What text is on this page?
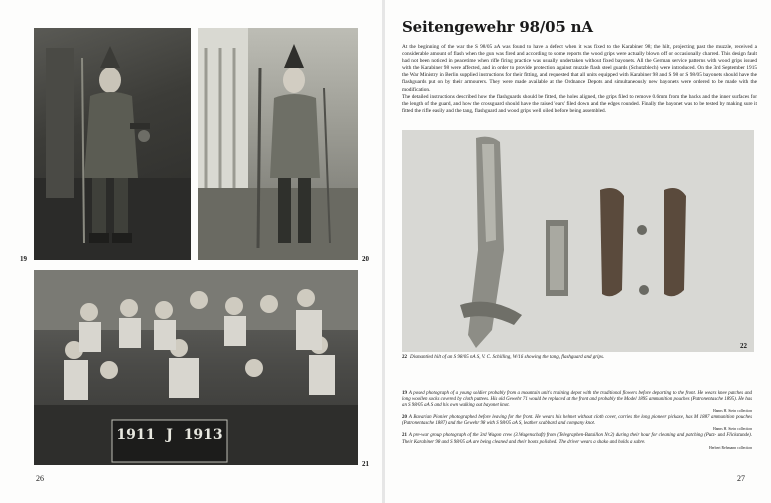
1911 J 1913
19	20
21
26
Seitengewehr 98/05 nA

At the beginning of the war the S 98/05 aA was found to have a defect when it was fixed to the Karabiner 98; the hilt, projecting past the muzzle, received a considerable amount of flash when the gun was fired and according to some reports the wood grips were actually blown off or occasionally charred. This design fault had not been noticed in peacetime when rifle firing practice was usually undertaken without fixed bayonets. All the German service patterns with wood grips issued with the Karabiner 98 were affected, and in order to provide protection against muzzle flash steel guards (Schutzblech) were introduced. On the 3rd September 1915 the War Ministry in Berlin supplied instructions for their fitting, and requested that all units equipped with Karabiner 98 and S 98 or S 98/05 bayonets should have the flashguards put on by their armourers. They were made available at the Ordnance Depots and simultaneously new bayonets were ordered to be made with the modification.

The detailed instructions described how the flashguards should be fitted, the holes aligned, the grips filed to remove 0.6mm from the backs and the inner surfaces for the length of the guard, and how the crossguard should have the raised 'ears' filed down and the edges rounded. Finally the bayonet was to be tested by making sure it fitted the rifle easily and the tang, flashguard and wood grips well oiled before being assembled.

22
22 Dismantled hilt of an S 98/05 nA S, V. C. Schilling, W/16 showing the tang, flashguard and grips.
19 A posed photograph of a young soldier probably from a mountain unit's training depot with the traditional flowers before departing to the front. He wears knee patches and long woollen socks covered by cloth puttees. His old Gewehr 71 would be replaced at the front and probably the Model 1895 ammunition pouches (Patronentasche 1895). He has an S 98/05 aA S and his own walking out bayonet knot.
Hanns H. Stein collection
20 A Bavarian Pionier photographed before leaving for the front. He wears his helmet without cloth cover, carries the long pioneer pickaxe, has M 1887 ammunition pouches (Patronentasche 1887) and the Gewehr 98 with S 98/05 aA S, leather scabbard and company knot.
Hanns H. Stein collection
21 A pre-war group photograph of the 3rd Wagon crew (3.Wagenschaft) from (Telegraphen-Bataillon Nr.2) during their hour for cleaning and patching (Putz- und Flickstunde). Their Karabiner 98 and S 98/05 aA are being cleaned and their boots polished. The driver wears a shako and holds a sabre.
Herbert Rehmann collection
27
